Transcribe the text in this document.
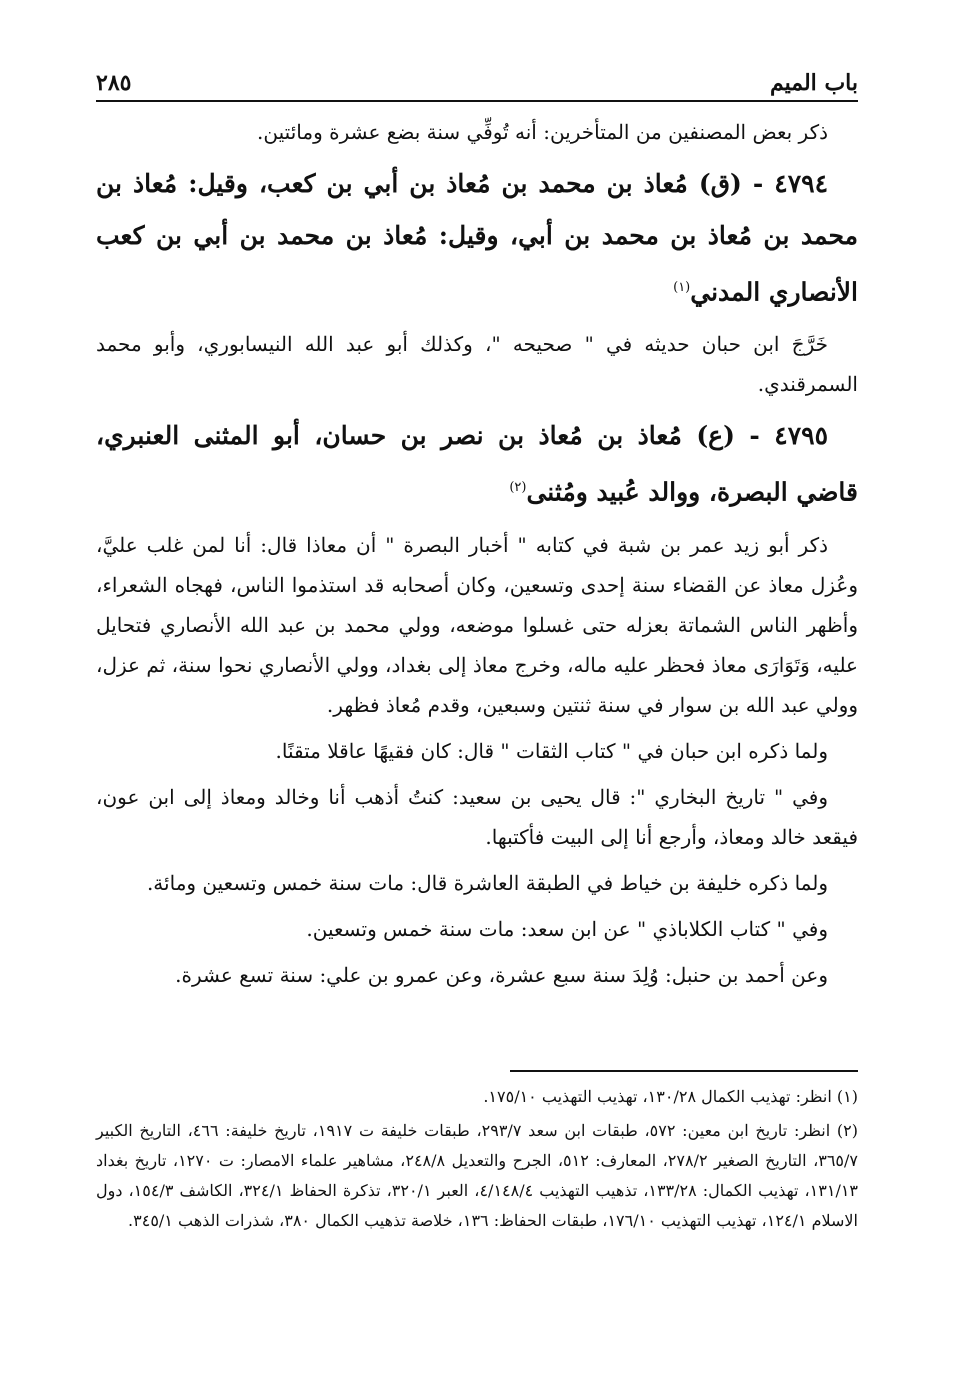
باب الميم
٢٨٥

ذكر بعض المصنفين من المتأخرين: أنه تُوفِّي سنة بضع عشرة ومائتين.

٤٧٩٤ - (ق) مُعاذ بن محمد بن مُعاذ بن أبي بن كعب، وقيل: مُعاذ بن محمد بن مُعاذ بن محمد بن أبي، وقيل: مُعاذ بن محمد بن أبي بن كعب الأنصاري المدني$^{(١)}$

خَرَّجَ ابن حبان حديثه في " صحيحه "، وكذلك أبو عبد الله النيسابوري، وأبو محمد السمرقندي.

٤٧٩٥ - (ع) مُعاذ بن مُعاذ بن نصر بن حسان، أبو المثنى العنبري، قاضي البصرة، ووالد عُبيد ومُثنى$^{(٢)}$

ذكر أبو زيد عمر بن شبة في كتابه " أخبار البصرة " أن معاذا قال: أنا لمن غلب عليَّ، وعُزل معاذ عن القضاء سنة إحدى وتسعين، وكان أصحابه قد استذموا الناس، فهجاه الشعراء، وأظهر الناس الشماتة بعزله حتى غسلوا موضعه، وولي محمد بن عبد الله الأنصاري فتحايل عليه، وَتَوَارَى معاذ فحظر عليه ماله، وخرج معاذ إلى بغداد، وولي الأنصاري نحوا سنة، ثم عزل، وولي عبد الله بن سوار في سنة ثنتين وسبعين، وقدم مُعاذ فظهر.

ولما ذكره ابن حبان في " كتاب الثقات " قال: كان فقيهًا عاقلا متقنًا.

وفي " تاريخ البخاري ": قال يحيى بن سعيد: كنتُ أذهب أنا وخالد ومعاذ إلى ابن عون، فيقعد خالد ومعاذ، وأرجع أنا إلى البيت فأكتبها.

ولما ذكره خليفة بن خياط في الطبقة العاشرة قال: مات سنة خمس وتسعين ومائة.

وفي " كتاب الكلاباذي " عن ابن سعد: مات سنة خمس وتسعين.

وعن أحمد بن حنبل: وُلِدَ سنة سبع عشرة، وعن عمرو بن علي: سنة تسع عشرة.

(١) انظر: تهذيب الكمال ١٣٠/٢٨، تهذيب التهذيب ١٧٥/١٠.

(٢) انظر: تاريخ ابن معين: ٥٧٢، طبقات ابن سعد ٢٩٣/٧، طبقات خليفة ت ١٩١٧، تاريخ خليفة: ٤٦٦، التاريخ الكبير ٣٦٥/٧، التاريخ الصغير ٢٧٨/٢، المعارف: ٥١٢، الجرح والتعديل ٢٤٨/٨، مشاهير علماء الامصار: ت ١٢٧٠، تاريخ بغداد ١٣١/١٣، تهذيب الكمال: ١٣٣/٢٨، تذهيب التهذيب ٤/١٤٨/٤، العبر ٣٢٠/١، تذكرة الحفاظ ٣٢٤/١، الكاشف ١٥٤/٣، دول الاسلام ١٢٤/١، تهذيب التهذيب ١٧٦/١٠، طبقات الحفاظ: ١٣٦، خلاصة تذهيب الكمال ٣٨٠، شذرات الذهب ٣٤٥/١.
